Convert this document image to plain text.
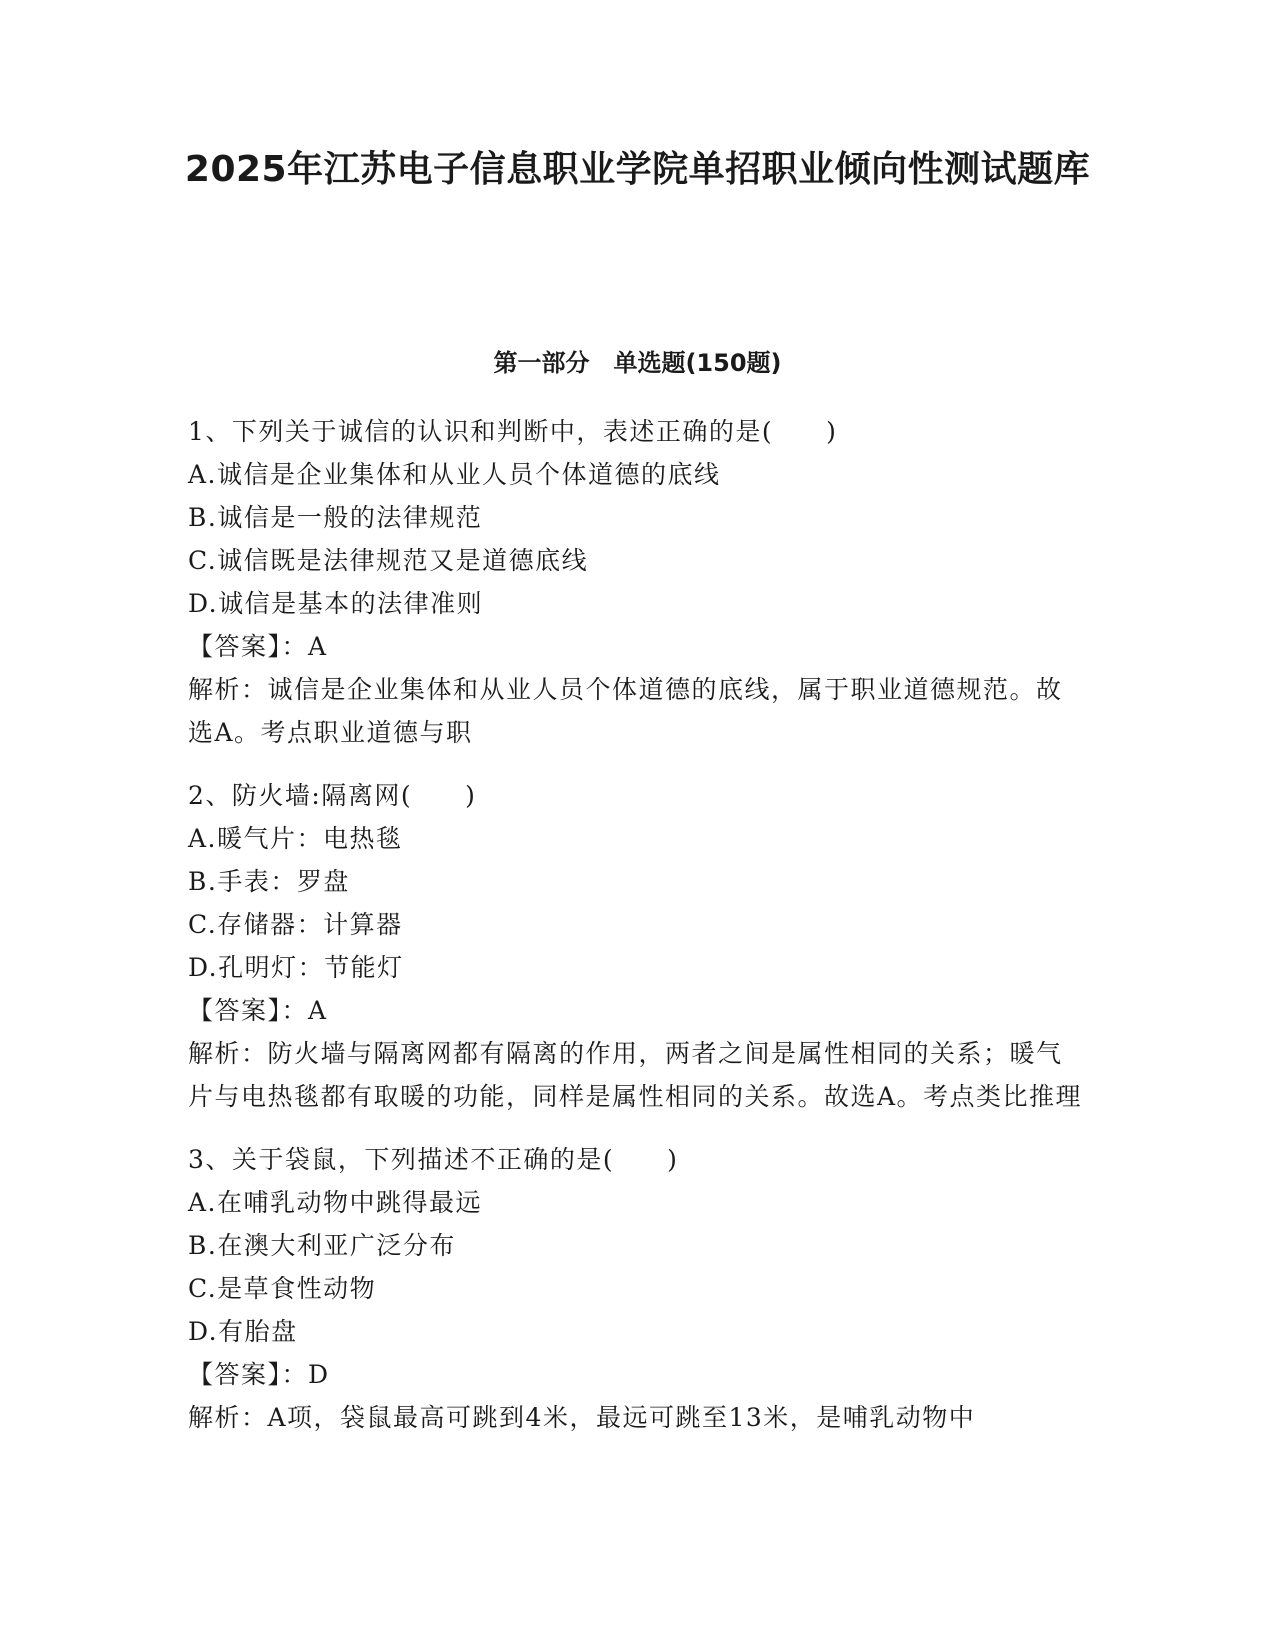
2025年江苏电子信息职业学院单招职业倾向性测试题库
第一部分　单选题(150题)
1、下列关于诚信的认识和判断中，表述正确的是(　　)
A.诚信是企业集体和从业人员个体道德的底线
B.诚信是一般的法律规范
C.诚信既是法律规范又是道德底线
D.诚信是基本的法律准则
【答案】：A
解析：诚信是企业集体和从业人员个体道德的底线，属于职业道德规范。故选A。考点职业道德与职
2、防火墙:隔离网(　　)
A.暖气片：电热毯
B.手表：罗盘
C.存储器：计算器
D.孔明灯：节能灯
【答案】：A
解析：防火墙与隔离网都有隔离的作用，两者之间是属性相同的关系；暖气片与电热毯都有取暖的功能，同样是属性相同的关系。故选A。考点类比推理
3、关于袋鼠，下列描述不正确的是(　　)
A.在哺乳动物中跳得最远
B.在澳大利亚广泛分布
C.是草食性动物
D.有胎盘
【答案】：D
解析：A项，袋鼠最高可跳到4米，最远可跳至13米，是哺乳动物中
